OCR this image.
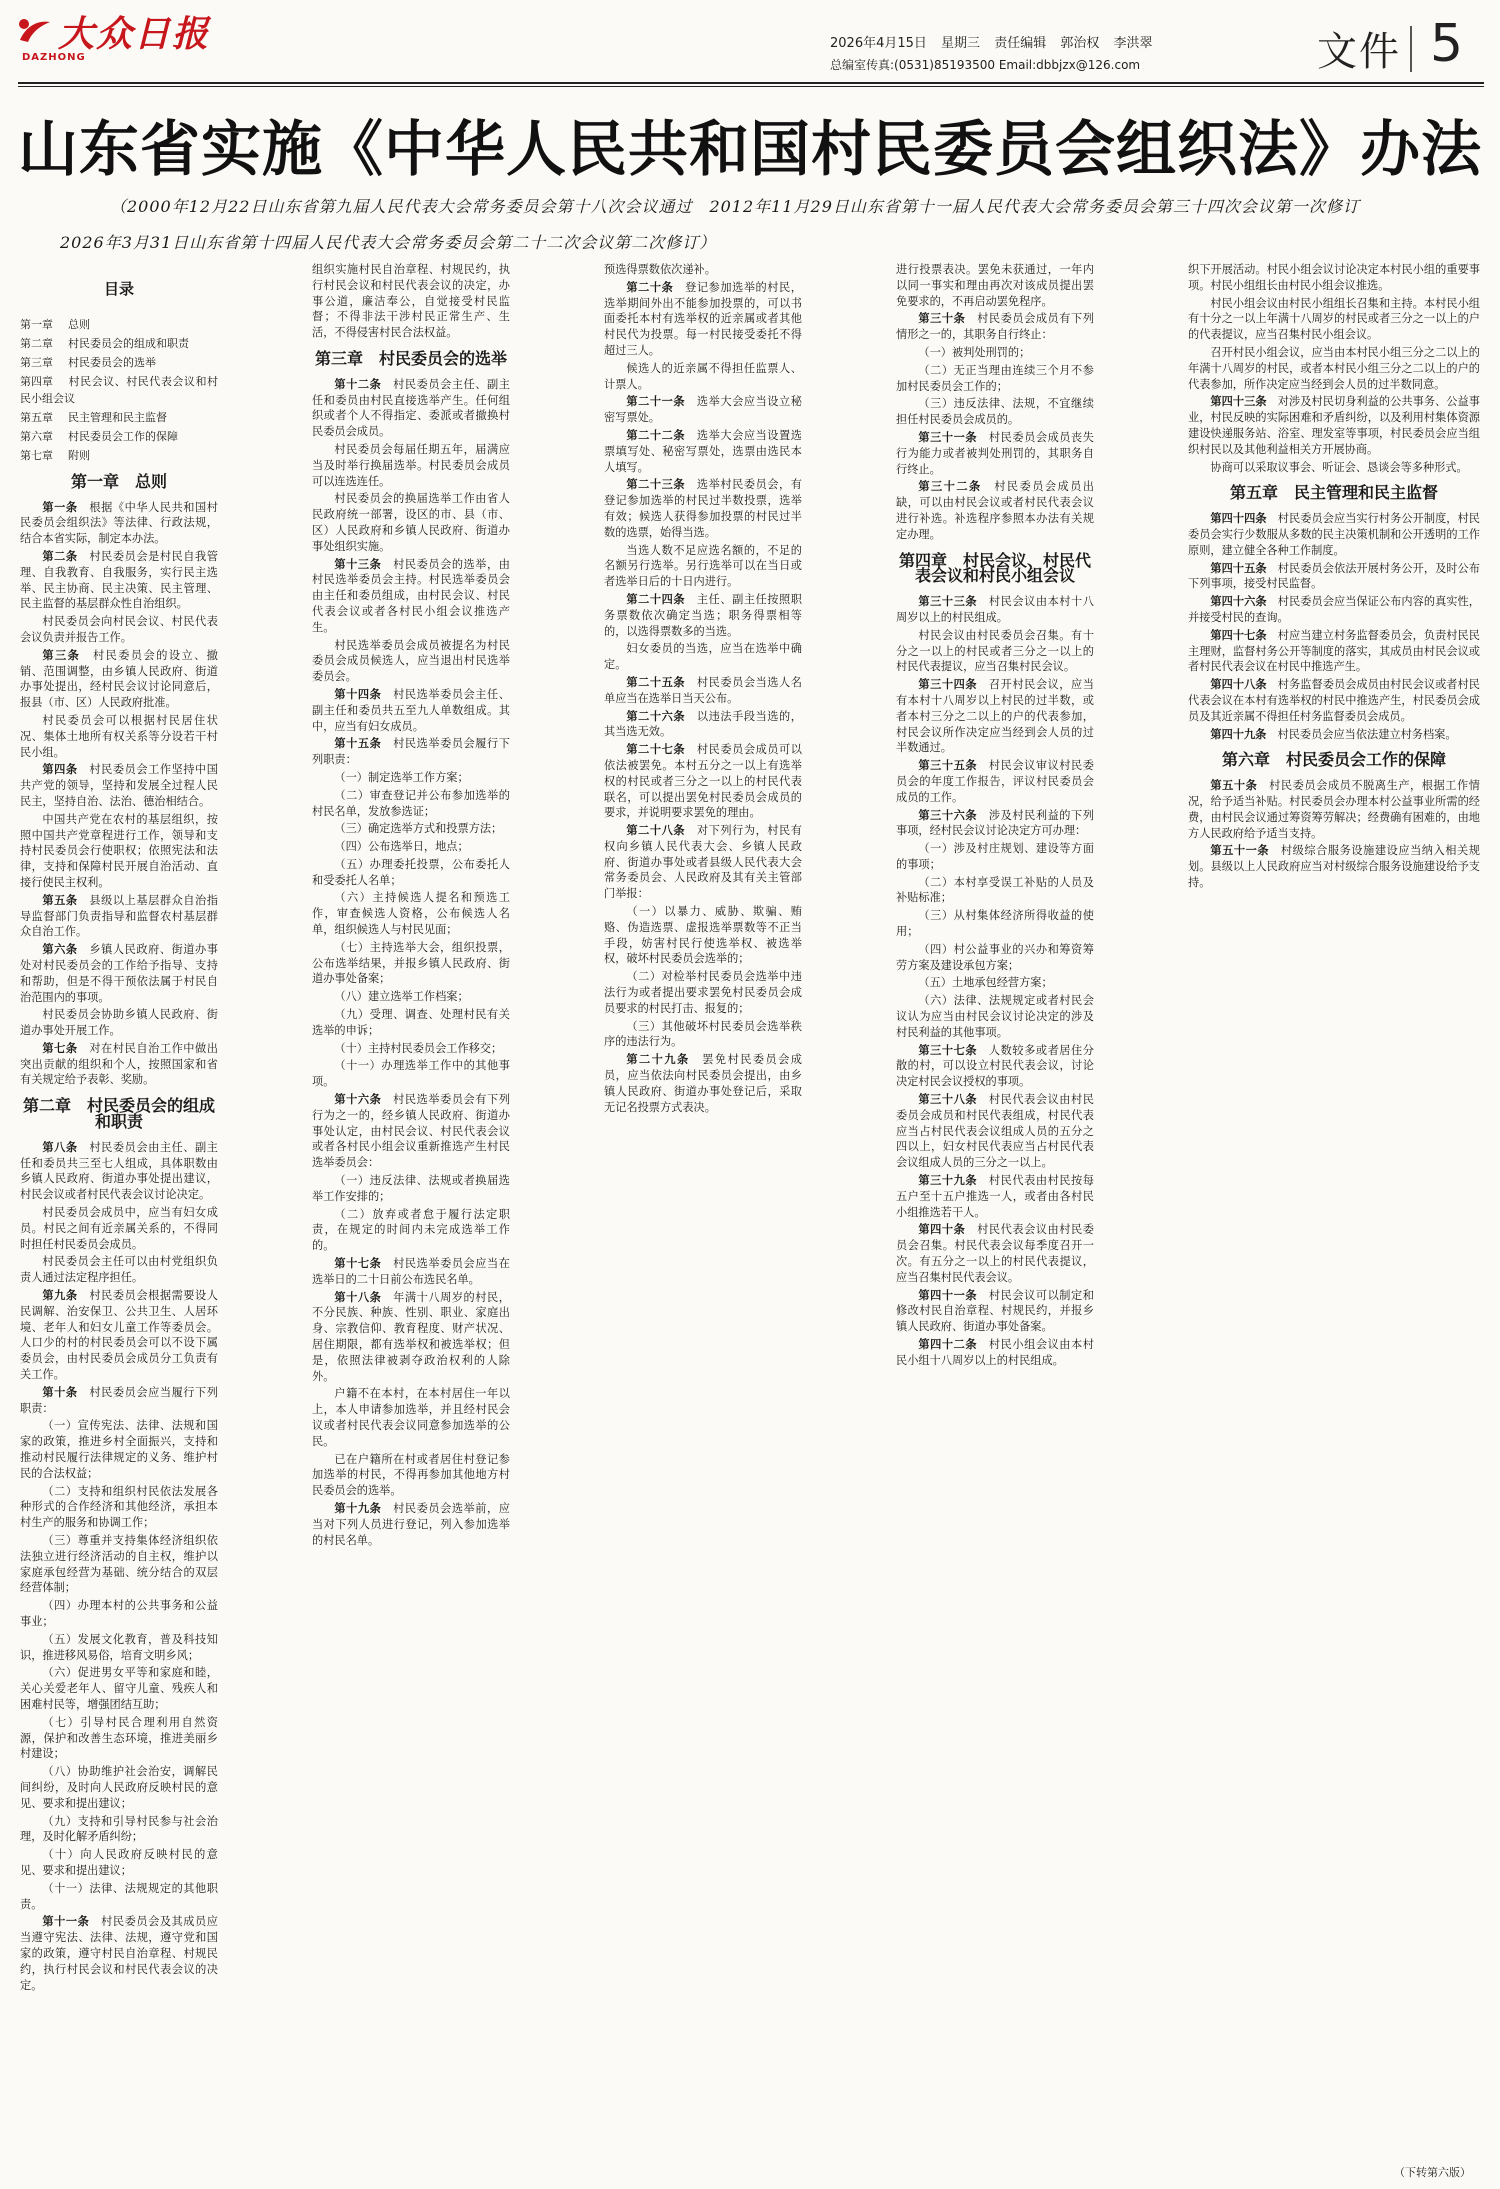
大众日报
DAZHONG
2026年4月15日 星期三 责任编辑 郭治权 李洪翠
总编室传真:(0531)85193500 Email:dbbjzx@126.com	文件 5
山东省实施《中华人民共和国村民委员会组织法》办法
（2000年12月22日山东省第九届人民代表大会常务委员会第十八次会议通过　2012年11月29日山东省第十一届人民代表大会常务委员会第三十四次会议第一次修订
2026年3月31日山东省第十四届人民代表大会常务委员会第二十二次会议第二次修订）
目录

第一章 总则

第二章 村民委员会的组成和职责

第三章 村民委员会的选举

第四章 村民会议、村民代表会议和村民小组会议

第五章 民主管理和民主监督

第六章 村民委员会工作的保障

第七章 附则

第一章　总则

第一条　 根据《中华人民共和国村民委员会组织法》等法律、行政法规，结合本省实际，制定本办法。

第二条　 村民委员会是村民自我管理、自我教育、自我服务，实行民主选举、民主协商、民主决策、民主管理、民主监督的基层群众性自治组织。

村民委员会向村民会议、村民代表会议负责并报告工作。

第三条　 村民委员会的设立、撤销、范围调整，由乡镇人民政府、街道办事处提出，经村民会议讨论同意后，报县（市、区）人民政府批准。

村民委员会可以根据村民居住状况、集体土地所有权关系等分设若干村民小组。

第四条　 村民委员会工作坚持中国共产党的领导，坚持和发展全过程人民民主，坚持自治、法治、德治相结合。

中国共产党在农村的基层组织，按照中国共产党章程进行工作，领导和支持村民委员会行使职权；依照宪法和法律，支持和保障村民开展自治活动、直接行使民主权利。

第五条　 县级以上基层群众自治指导监督部门负责指导和监督农村基层群众自治工作。

第六条　 乡镇人民政府、街道办事处对村民委员会的工作给予指导、支持和帮助，但是不得干预依法属于村民自治范围内的事项。

村民委员会协助乡镇人民政府、街道办事处开展工作。

第七条　 对在村民自治工作中做出突出贡献的组织和个人，按照国家和省有关规定给予表彰、奖励。

第二章　村民委员会的组成和职责

第八条　 村民委员会由主任、副主任和委员共三至七人组成，具体职数由乡镇人民政府、街道办事处提出建议，村民会议或者村民代表会议讨论决定。

村民委员会成员中，应当有妇女成员。村民之间有近亲属关系的，不得同时担任村民委员会成员。

村民委员会主任可以由村党组织负责人通过法定程序担任。

第九条　 村民委员会根据需要设人民调解、治安保卫、公共卫生、人居环境、老年人和妇女儿童工作等委员会。人口少的村的村民委员会可以不设下属委员会，由村民委员会成员分工负责有关工作。

第十条　 村民委员会应当履行下列职责：

（一）宣传宪法、法律、法规和国家的政策，推进乡村全面振兴，支持和推动村民履行法律规定的义务、维护村民的合法权益；

（二）支持和组织村民依法发展各种形式的合作经济和其他经济，承担本村生产的服务和协调工作；

（三）尊重并支持集体经济组织依法独立进行经济活动的自主权，维护以家庭承包经营为基础、统分结合的双层经营体制；

（四）办理本村的公共事务和公益事业；

（五）发展文化教育，普及科技知识，推进移风易俗，培育文明乡风；

（六）促进男女平等和家庭和睦，关心关爱老年人、留守儿童、残疾人和困难村民等，增强团结互助；

（七）引导村民合理利用自然资源，保护和改善生态环境，推进美丽乡村建设；

（八）协助维护社会治安，调解民间纠纷，及时向人民政府反映村民的意见、要求和提出建议；

（九）支持和引导村民参与社会治理，及时化解矛盾纠纷；

（十）向人民政府反映村民的意见、要求和提出建议；

（十一）法律、法规规定的其他职责。

第十一条　 村民委员会及其成员应当遵守宪法、法律、法规，遵守党和国家的政策，遵守村民自治章程、村规民约，执行村民会议和村民代表会议的决定。

组织实施村民自治章程、村规民约，执行村民会议和村民代表会议的决定，办事公道，廉洁奉公，自觉接受村民监督；不得非法干涉村民正常生产、生活，不得侵害村民合法权益。

第三章　村民委员会的选举

第十二条　 村民委员会主任、副主任和委员由村民直接选举产生。任何组织或者个人不得指定、委派或者撤换村民委员会成员。

村民委员会每届任期五年，届满应当及时举行换届选举。村民委员会成员可以连选连任。

村民委员会的换届选举工作由省人民政府统一部署，设区的市、县（市、区）人民政府和乡镇人民政府、街道办事处组织实施。

第十三条　 村民委员会的选举，由村民选举委员会主持。村民选举委员会由主任和委员组成，由村民会议、村民代表会议或者各村民小组会议推选产生。

村民选举委员会成员被提名为村民委员会成员候选人，应当退出村民选举委员会。

第十四条　 村民选举委员会主任、副主任和委员共五至九人单数组成。其中，应当有妇女成员。

第十五条　 村民选举委员会履行下列职责：

（一）制定选举工作方案；

（二）审查登记并公布参加选举的村民名单，发放参选证；

（三）确定选举方式和投票方法；

（四）公布选举日，地点；

（五）办理委托投票，公布委托人和受委托人名单；

（六）主持候选人提名和预选工作，审查候选人资格，公布候选人名单，组织候选人与村民见面；

（七）主持选举大会，组织投票，公布选举结果，并报乡镇人民政府、街道办事处备案；

（八）建立选举工作档案；

（九）受理、调查、处理村民有关选举的申诉；

（十）主持村民委员会工作移交；

（十一）办理选举工作中的其他事项。

第十六条　 村民选举委员会有下列行为之一的，经乡镇人民政府、街道办事处认定，由村民会议、村民代表会议或者各村民小组会议重新推选产生村民选举委员会：

（一）违反法律、法规或者换届选举工作安排的；

（二）放弃或者怠于履行法定职责，在规定的时间内未完成选举工作的。

第十七条　 村民选举委员会应当在选举日的二十日前公布选民名单。

第十八条　 年满十八周岁的村民，不分民族、种族、性别、职业、家庭出身、宗教信仰、教育程度、财产状况、居住期限，都有选举权和被选举权；但是，依照法律被剥夺政治权利的人除外。

户籍不在本村，在本村居住一年以上，本人申请参加选举，并且经村民会议或者村民代表会议同意参加选举的公民。

已在户籍所在村或者居住村登记参加选举的村民，不得再参加其他地方村民委员会的选举。

第十九条　 村民委员会选举前，应当对下列人员进行登记，列入参加选举的村民名单。

预选得票数依次递补。

第二十条　 登记参加选举的村民，选举期间外出不能参加投票的，可以书面委托本村有选举权的近亲属或者其他村民代为投票。每一村民接受委托不得超过三人。

候选人的近亲属不得担任监票人、计票人。

第二十一条　 选举大会应当设立秘密写票处。

第二十二条　 选举大会应当设置选票填写处、秘密写票处，选票由选民本人填写。

第二十三条　 选举村民委员会，有登记参加选举的村民过半数投票，选举有效；候选人获得参加投票的村民过半数的选票，始得当选。

当选人数不足应选名额的，不足的名额另行选举。另行选举可以在当日或者选举日后的十日内进行。

第二十四条　 主任、副主任按照职务票数依次确定当选；职务得票相等的，以选得票数多的当选。

妇女委员的当选，应当在选举中确定。

第二十五条　 村民委员会当选人名单应当在选举日当天公布。

第二十六条　 以违法手段当选的，其当选无效。

第二十七条　 村民委员会成员可以依法被罢免。本村五分之一以上有选举权的村民或者三分之一以上的村民代表联名，可以提出罢免村民委员会成员的要求，并说明要求罢免的理由。

第二十八条　 对下列行为，村民有权向乡镇人民代表大会、乡镇人民政府、街道办事处或者县级人民代表大会常务委员会、人民政府及其有关主管部门举报：

（一）以暴力、威胁、欺骗、贿赂、伪造选票、虚报选举票数等不正当手段，妨害村民行使选举权、被选举权，破坏村民委员会选举的；

（二）对检举村民委员会选举中违法行为或者提出要求罢免村民委员会成员要求的村民打击、报复的；

（三）其他破坏村民委员会选举秩序的违法行为。

第二十九条　 罢免村民委员会成员，应当依法向村民委员会提出，由乡镇人民政府、街道办事处登记后，采取无记名投票方式表决。

进行投票表决。罢免未获通过，一年内以同一事实和理由再次对该成员提出罢免要求的，不再启动罢免程序。

第三十条　 村民委员会成员有下列情形之一的，其职务自行终止：

（一）被判处刑罚的；

（二）无正当理由连续三个月不参加村民委员会工作的；

（三）违反法律、法规，不宜继续担任村民委员会成员的。

第三十一条　 村民委员会成员丧失行为能力或者被判处刑罚的，其职务自行终止。

第三十二条　 村民委员会成员出缺，可以由村民会议或者村民代表会议进行补选。补选程序参照本办法有关规定办理。

第四章　村民会议、村民代表会议和村民小组会议

第三十三条　 村民会议由本村十八周岁以上的村民组成。

村民会议由村民委员会召集。有十分之一以上的村民或者三分之一以上的村民代表提议，应当召集村民会议。

第三十四条　 召开村民会议，应当有本村十八周岁以上村民的过半数，或者本村三分之二以上的户的代表参加，村民会议所作决定应当经到会人员的过半数通过。

第三十五条　 村民会议审议村民委员会的年度工作报告，评议村民委员会成员的工作。

第三十六条　 涉及村民利益的下列事项，经村民会议讨论决定方可办理：

（一）涉及村庄规划、建设等方面的事项；

（二）本村享受误工补贴的人员及补贴标准；

（三）从村集体经济所得收益的使用；

（四）村公益事业的兴办和筹资筹劳方案及建设承包方案；

（五）土地承包经营方案；

（六）法律、法规规定或者村民会议认为应当由村民会议讨论决定的涉及村民利益的其他事项。

第三十七条　 人数较多或者居住分散的村，可以设立村民代表会议，讨论决定村民会议授权的事项。

第三十八条　 村民代表会议由村民委员会成员和村民代表组成，村民代表应当占村民代表会议组成人员的五分之四以上，妇女村民代表应当占村民代表会议组成人员的三分之一以上。

第三十九条　 村民代表由村民按每五户至十五户推选一人，或者由各村民小组推选若干人。

第四十条　 村民代表会议由村民委员会召集。村民代表会议每季度召开一次。有五分之一以上的村民代表提议，应当召集村民代表会议。

第四十一条　 村民会议可以制定和修改村民自治章程、村规民约，并报乡镇人民政府、街道办事处备案。

第四十二条　 村民小组会议由本村民小组十八周岁以上的村民组成。

织下开展活动。村民小组会议讨论决定本村民小组的重要事项。村民小组组长由村民小组会议推选。

村民小组会议由村民小组组长召集和主持。本村民小组有十分之一以上年满十八周岁的村民或者三分之一以上的户的代表提议，应当召集村民小组会议。

召开村民小组会议，应当由本村民小组三分之二以上的年满十八周岁的村民，或者本村民小组三分之二以上的户的代表参加，所作决定应当经到会人员的过半数同意。

第四十三条　 对涉及村民切身利益的公共事务、公益事业，村民反映的实际困难和矛盾纠纷，以及利用村集体资源建设快递服务站、浴室、理发室等事项，村民委员会应当组织村民以及其他利益相关方开展协商。

协商可以采取议事会、听证会、恳谈会等多种形式。

第五章　民主管理和民主监督

第四十四条　 村民委员会应当实行村务公开制度，村民委员会实行少数服从多数的民主决策机制和公开透明的工作原则，建立健全各种工作制度。

第四十五条　 村民委员会依法开展村务公开，及时公布下列事项，接受村民监督。

第四十六条　 村民委员会应当保证公布内容的真实性，并接受村民的查询。

第四十七条　 村应当建立村务监督委员会，负责村民民主理财，监督村务公开等制度的落实，其成员由村民会议或者村民代表会议在村民中推选产生。

第四十八条　 村务监督委员会成员由村民会议或者村民代表会议在本村有选举权的村民中推选产生，村民委员会成员及其近亲属不得担任村务监督委员会成员。

第四十九条　 村民委员会应当依法建立村务档案。

第六章　村民委员会工作的保障

第五十条　 村民委员会成员不脱离生产，根据工作情况，给予适当补贴。村民委员会办理本村公益事业所需的经费，由村民会议通过筹资筹劳解决；经费确有困难的，由地方人民政府给予适当支持。

第五十一条　 村级综合服务设施建设应当纳入相关规划。县级以上人民政府应当对村级综合服务设施建设给予支持。

（下转第六版）
